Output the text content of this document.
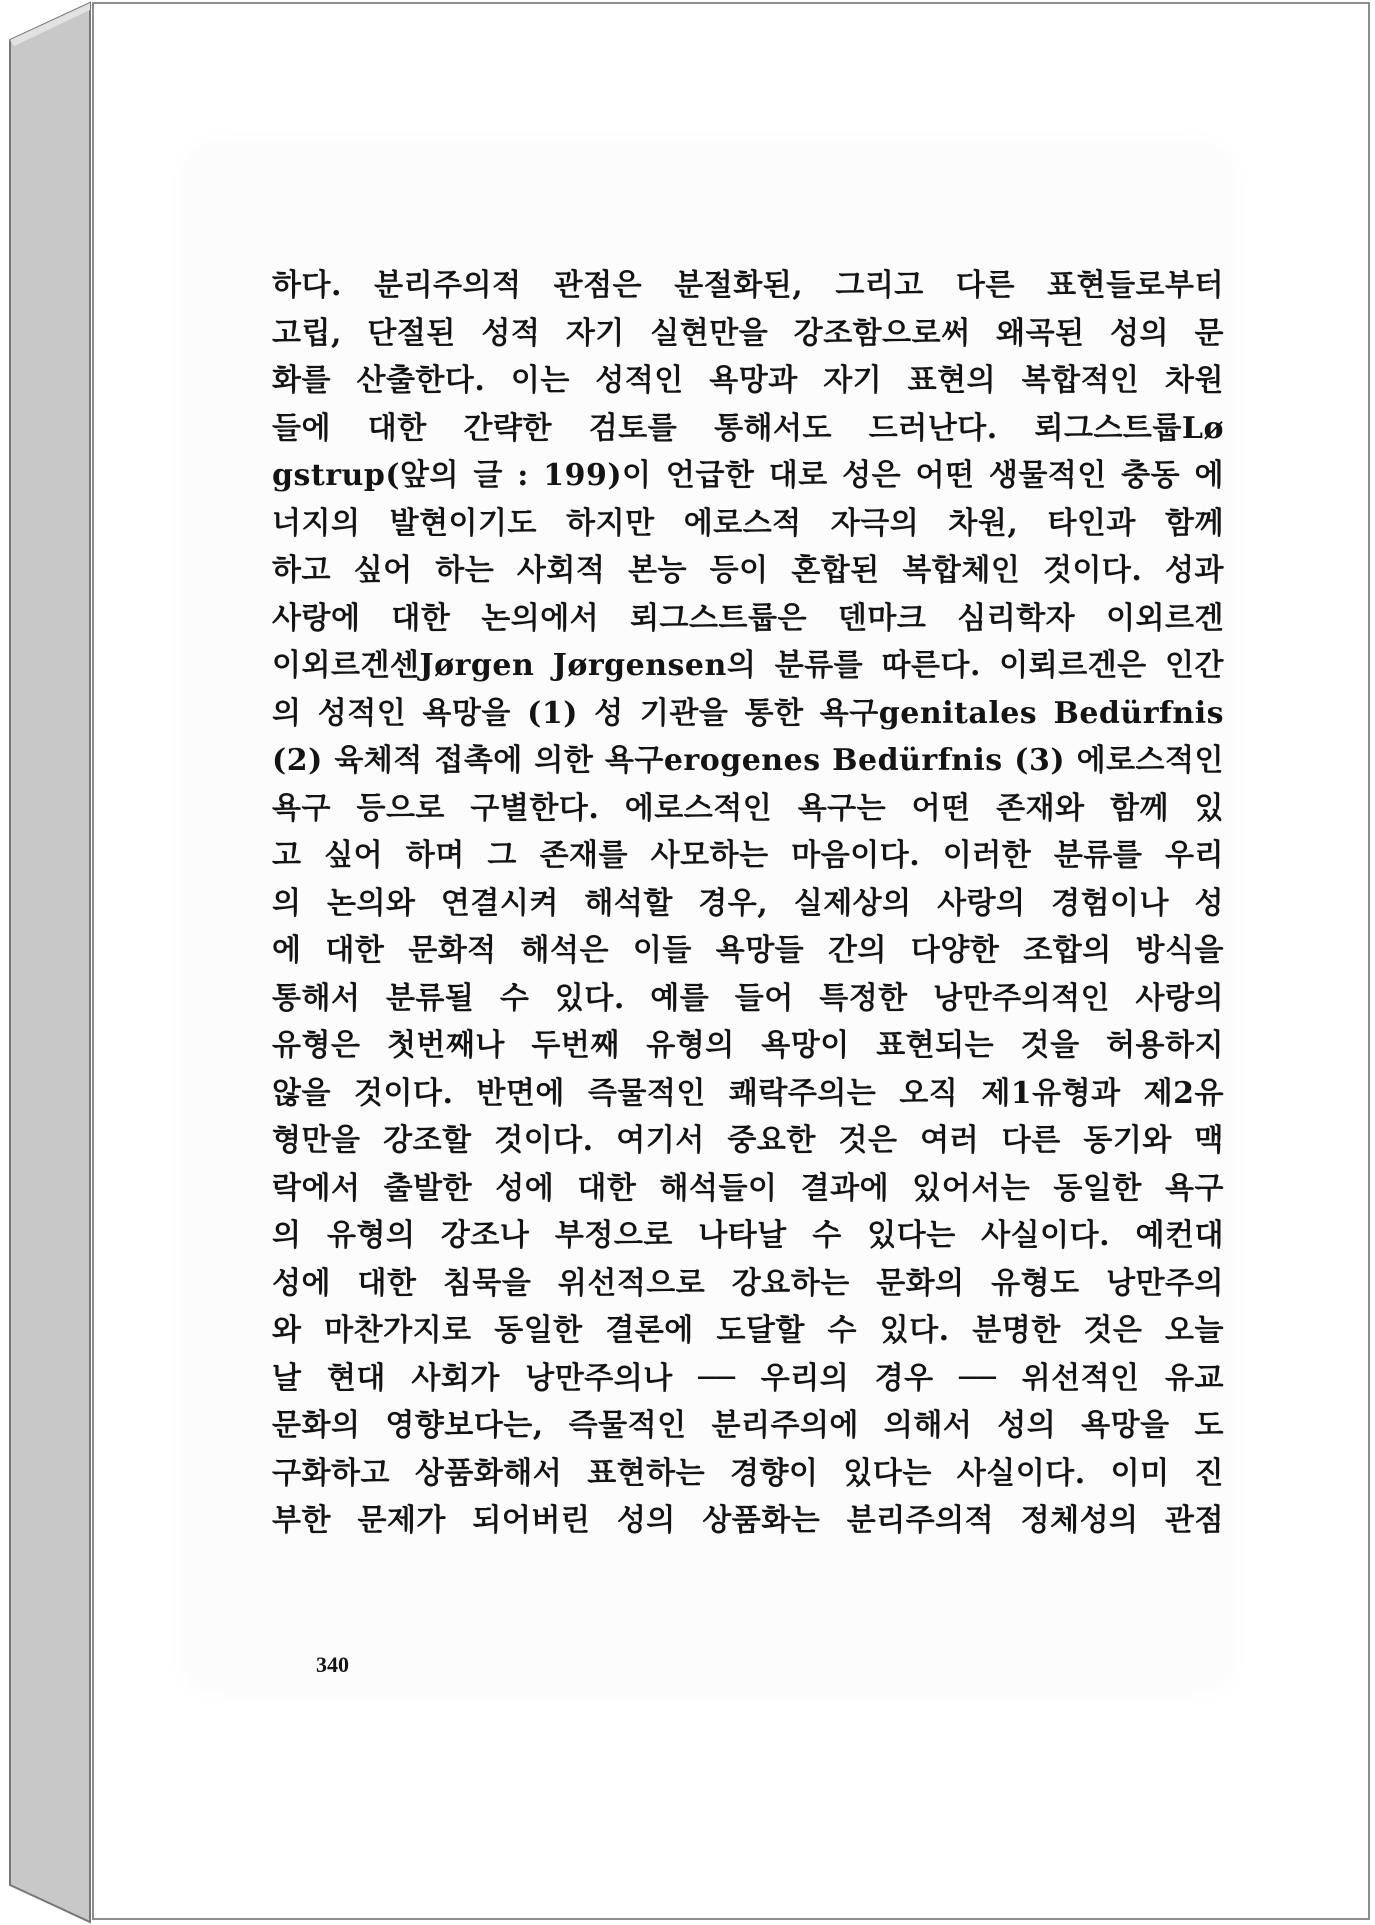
하다. 분리주의적 관점은 분절화된, 그리고 다른 표현들로부터
고립, 단절된 성적 자기 실현만을 강조함으로써 왜곡된 성의 문
화를 산출한다. 이는 성적인 욕망과 자기 표현의 복합적인 차원
들에 대한 간략한 검토를 통해서도 드러난다. 뢰그스트룹Lø
gstrup(앞의 글 : 199)이 언급한 대로 성은 어떤 생물적인 충동 에
너지의 발현이기도 하지만 에로스적 자극의 차원, 타인과 함께
하고 싶어 하는 사회적 본능 등이 혼합된 복합체인 것이다. 성과
사랑에 대한 논의에서 뢰그스트룹은 덴마크 심리학자 이외르겐
이외르겐센Jørgen Jørgensen의 분류를 따른다. 이뢰르겐은 인간
의 성적인 욕망을 (1) 성 기관을 통한 욕구genitales Bedürfnis
(2) 육체적 접촉에 의한 욕구erogenes Bedürfnis (3) 에로스적인
욕구 등으로 구별한다. 에로스적인 욕구는 어떤 존재와 함께 있
고 싶어 하며 그 존재를 사모하는 마음이다. 이러한 분류를 우리
의 논의와 연결시켜 해석할 경우, 실제상의 사랑의 경험이나 성
에 대한 문화적 해석은 이들 욕망들 간의 다양한 조합의 방식을
통해서 분류될 수 있다. 예를 들어 특정한 낭만주의적인 사랑의
유형은 첫번째나 두번째 유형의 욕망이 표현되는 것을 허용하지
않을 것이다. 반면에 즉물적인 쾌락주의는 오직 제1유형과 제2유
형만을 강조할 것이다. 여기서 중요한 것은 여러 다른 동기와 맥
락에서 출발한 성에 대한 해석들이 결과에 있어서는 동일한 욕구
의 유형의 강조나 부정으로 나타날 수 있다는 사실이다. 예컨대
성에 대한 침묵을 위선적으로 강요하는 문화의 유형도 낭만주의
와 마찬가지로 동일한 결론에 도달할 수 있다. 분명한 것은 오늘
날 현대 사회가 낭만주의나 ── 우리의 경우 ── 위선적인 유교
문화의 영향보다는, 즉물적인 분리주의에 의해서 성의 욕망을 도
구화하고 상품화해서 표현하는 경향이 있다는 사실이다. 이미 진
부한 문제가 되어버린 성의 상품화는 분리주의적 정체성의 관점
340
